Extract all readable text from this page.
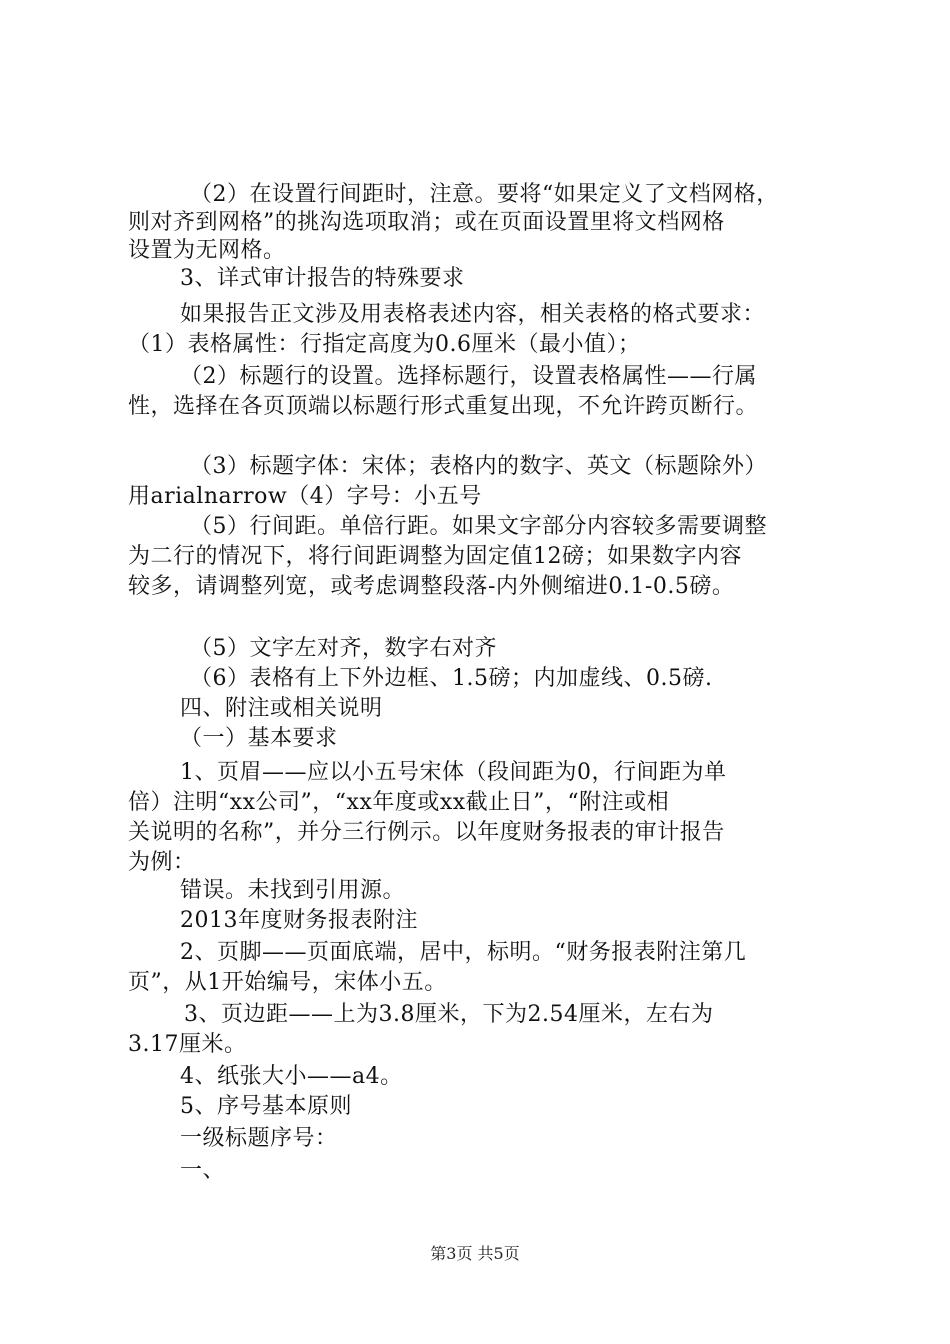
（2）在设置行间距时，注意。要将“如果定义了文档网格，
则对齐到网格”的挑沟选项取消；或在页面设置里将文档网格
设置为无网格。
3、详式审计报告的特殊要求
如果报告正文涉及用表格表述内容，相关表格的格式要求：
（1）表格属性：行指定高度为0.6厘米（最小值）；
（2）标题行的设置。选择标题行，设置表格属性——行属
性，选择在各页顶端以标题行形式重复出现，不允许跨页断行。
（3）标题字体：宋体；表格内的数字、英文（标题除外）
用arialnarrow（4）字号：小五号
（5）行间距。单倍行距。如果文字部分内容较多需要调整
为二行的情况下，将行间距调整为固定值12磅；如果数字内容
较多，请调整列宽，或考虑调整段落-内外侧缩进0.1-0.5磅。
（5）文字左对齐，数字右对齐
（6）表格有上下外边框、1.5磅；内加虚线、0.5磅.
四、附注或相关说明
（一）基本要求
1、页眉——应以小五号宋体（段间距为0，行间距为单
倍）注明“xx公司”，“xx年度或xx截止日”，“附注或相
关说明的名称”，并分三行例示。以年度财务报表的审计报告
为例：
错误。未找到引用源。
2013年度财务报表附注
2、页脚——页面底端，居中，标明。“财务报表附注第几
页”，从1开始编号，宋体小五。
3、页边距——上为3.8厘米，下为2.54厘米，左右为
3.17厘米。
4、纸张大小——a4。
5、序号基本原则
一级标题序号：
一、
第3页 共5页
